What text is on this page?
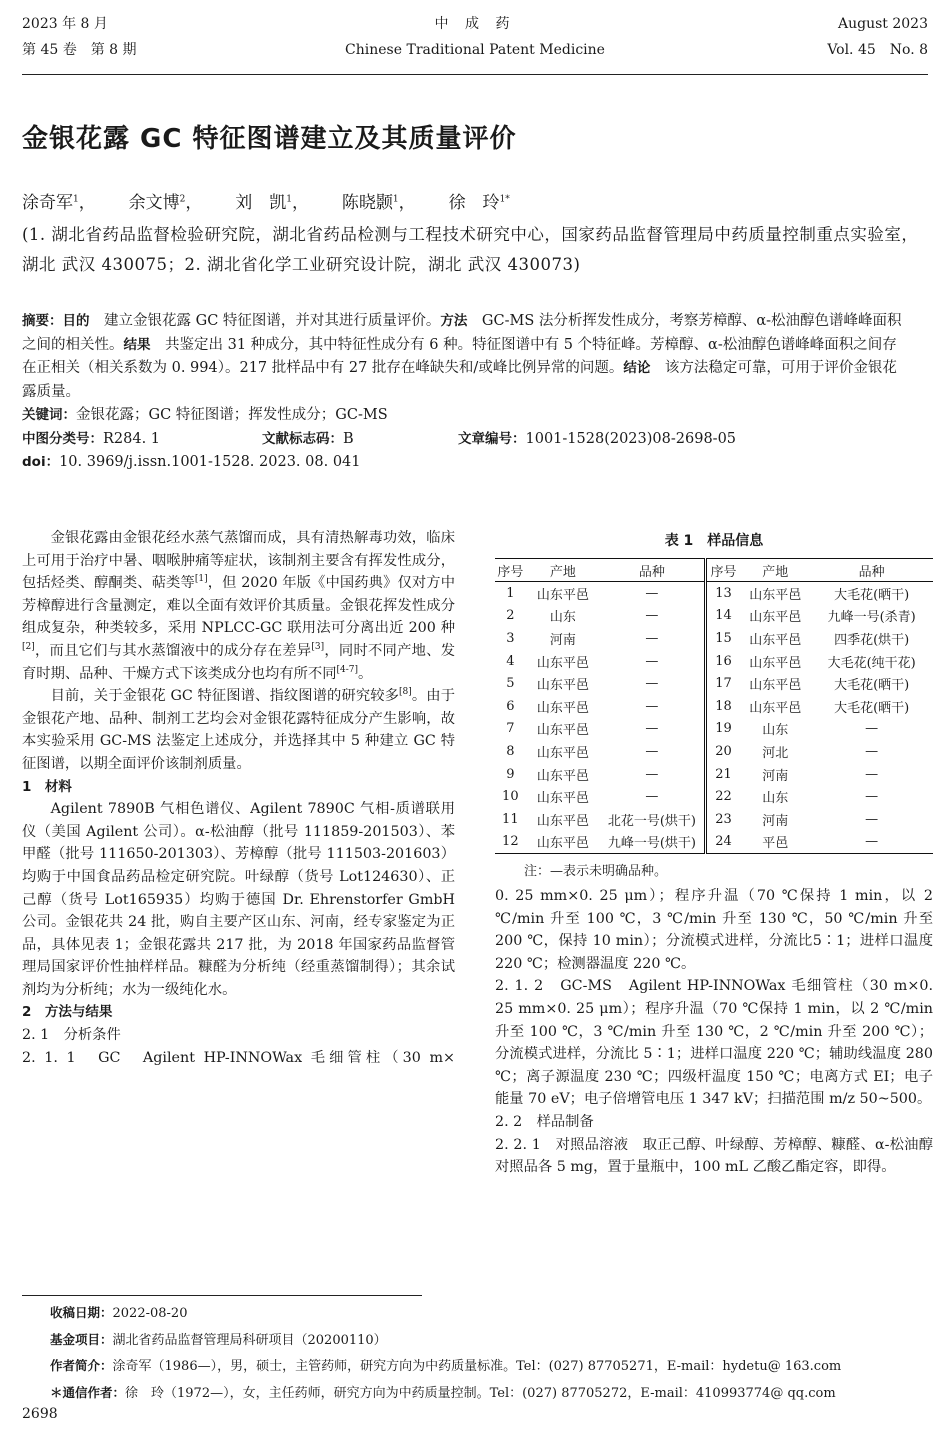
2023 年 8 月
第 45 卷　第 8 期
中 成 药
Chinese Traditional Patent Medicine
August 2023
Vol. 45　No. 8
金银花露 GC 特征图谱建立及其质量评价
涂奇军$^1$，　　 余文博$^2$，　　 刘　凯$^1$，　　 陈晓颢$^1$，　　 徐　玲$^{1*}$
(1. 湖北省药品监督检验研究院，湖北省药品检测与工程技术研究中心，国家药品监督管理局中药质量控制重点实验室，湖北 武汉 430075；2. 湖北省化学工业研究设计院，湖北 武汉 430073)
摘要：目的　 建立金银花露 GC 特征图谱，并对其进行质量评价。方法　 GC-MS 法分析挥发性成分，考察芳樟醇、α-松油醇色谱峰峰面积之间的相关性。结果　 共鉴定出 31 种成分，其中特征性成分有 6 种。特征图谱中有 5 个特征峰。芳樟醇、α-松油醇色谱峰峰面积之间存在正相关（相关系数为 0. 994）。217 批样品中有 27 批存在峰缺失和/或峰比例异常的问题。结论　 该方法稳定可靠，可用于评价金银花露质量。
关键词：金银花露；GC 特征图谱；挥发性成分；GC-MS
中图分类号：R284. 1	文献标志码：B	文章编号：1001-1528(2023)08-2698-05
doi：10. 3969/j.issn.1001-1528. 2023. 08. 041

金银花露由金银花经水蒸气蒸馏而成，具有清热解毒功效，临床上可用于治疗中暑、咽喉肿痛等症状，该制剂主要含有挥发性成分，包括烃类、醇酮类、萜类等[1]，但 2020 年版《中国药典》仅对方中芳樟醇进行含量测定，难以全面有效评价其质量。金银花挥发性成分组成复杂，种类较多，采用 NPLCC-GC 联用法可分离出近 200 种[2]，而且它们与其水蒸馏液中的成分存在差异[3]，同时不同产地、发育时期、品种、干燥方式下该类成分也均有所不同[4-7]。

目前，关于金银花 GC 特征图谱、指纹图谱的研究较多[8]。由于金银花产地、品种、制剂工艺均会对金银花露特征成分产生影响，故本实验采用 GC-MS 法鉴定上述成分，并选择其中 5 种建立 GC 特征图谱，以期全面评价该制剂质量。

1　材料

Agilent 7890B 气相色谱仪、Agilent 7890C 气相-质谱联用仪（美国 Agilent 公司）。α-松油醇（批号 111859-201503）、苯甲醛（批号 111650-201303）、芳樟醇（批号 111503-201603）均购于中国食品药品检定研究院。叶绿醇（货号 Lot124630）、正己醇（货号 Lot165935）均购于德国 Dr. Ehrenstorfer GmbH 公司。金银花共 24 批，购自主要产区山东、河南，经专家鉴定为正品，具体见表 1；金银花露共 217 批，为 2018 年国家药品监督管理局国家评价性抽样样品。糠醛为分析纯（经重蒸馏制得）；其余试剂均为分析纯；水为一级纯化水。

2　方法与结果

2. 1　分析条件

2. 1. 1　GC　Agilent HP-INNOWax 毛细管柱（30 m×

表 1　样品信息
序号	产地	品种	序号	产地	品种
1	山东平邑	—	13	山东平邑	大毛花(晒干)
2	山东	—	14	山东平邑	九峰一号(杀青)
3	河南	—	15	山东平邑	四季花(烘干)
4	山东平邑	—	16	山东平邑	大毛花(纯干花)
5	山东平邑	—	17	山东平邑	大毛花(晒干)
6	山东平邑	—	18	山东平邑	大毛花(晒干)
7	山东平邑	—	19	山东	—
8	山东平邑	—	20	河北	—
9	山东平邑	—	21	河南	—
10	山东平邑	—	22	山东	—
11	山东平邑	北花一号(烘干)	23	河南	—
12	山东平邑	九峰一号(烘干)	24	平邑	—
注：—表示未明确品种。

0. 25 mm×0. 25 μm）；程序升温（70 ℃保持 1 min，以 2 ℃/min 升至 100 ℃，3 ℃/min 升至 130 ℃，50 ℃/min 升至 200 ℃，保持 10 min）；分流模式进样，分流比5∶1；进样口温度 220 ℃；检测器温度 220 ℃。

2. 1. 2　GC-MS　Agilent HP-INNOWax 毛细管柱（30 m×0. 25 mm×0. 25 μm）；程序升温（70 ℃保持 1 min，以 2 ℃/min升至 100 ℃，3 ℃/min 升至 130 ℃，2 ℃/min 升至 200 ℃）；分流模式进样，分流比 5∶1；进样口温度 220 ℃；辅助线温度 280 ℃；离子源温度 230 ℃；四级杆温度 150 ℃；电离方式 EI；电子能量 70 eV；电子倍增管电压 1 347 kV；扫描范围 m/z 50~500。

2. 2　样品制备

2. 2. 1　对照品溶液　取正己醇、叶绿醇、芳樟醇、糠醛、α-松油醇对照品各 5 mg，置于量瓶中，100 mL 乙酸乙酯定容，即得。

收稿日期：2022-08-20
基金项目：湖北省药品监督管理局科研项目（20200110）
作者简介：涂奇军（1986—），男，硕士，主管药师，研究方向为中药质量标准。Tel：(027) 87705271，E-mail：hydetu@ 163.com
＊通信作者：徐　玲（1972—），女，主任药师，研究方向为中药质量控制。Tel：(027) 87705272，E-mail：410993774@ qq.com
2698
